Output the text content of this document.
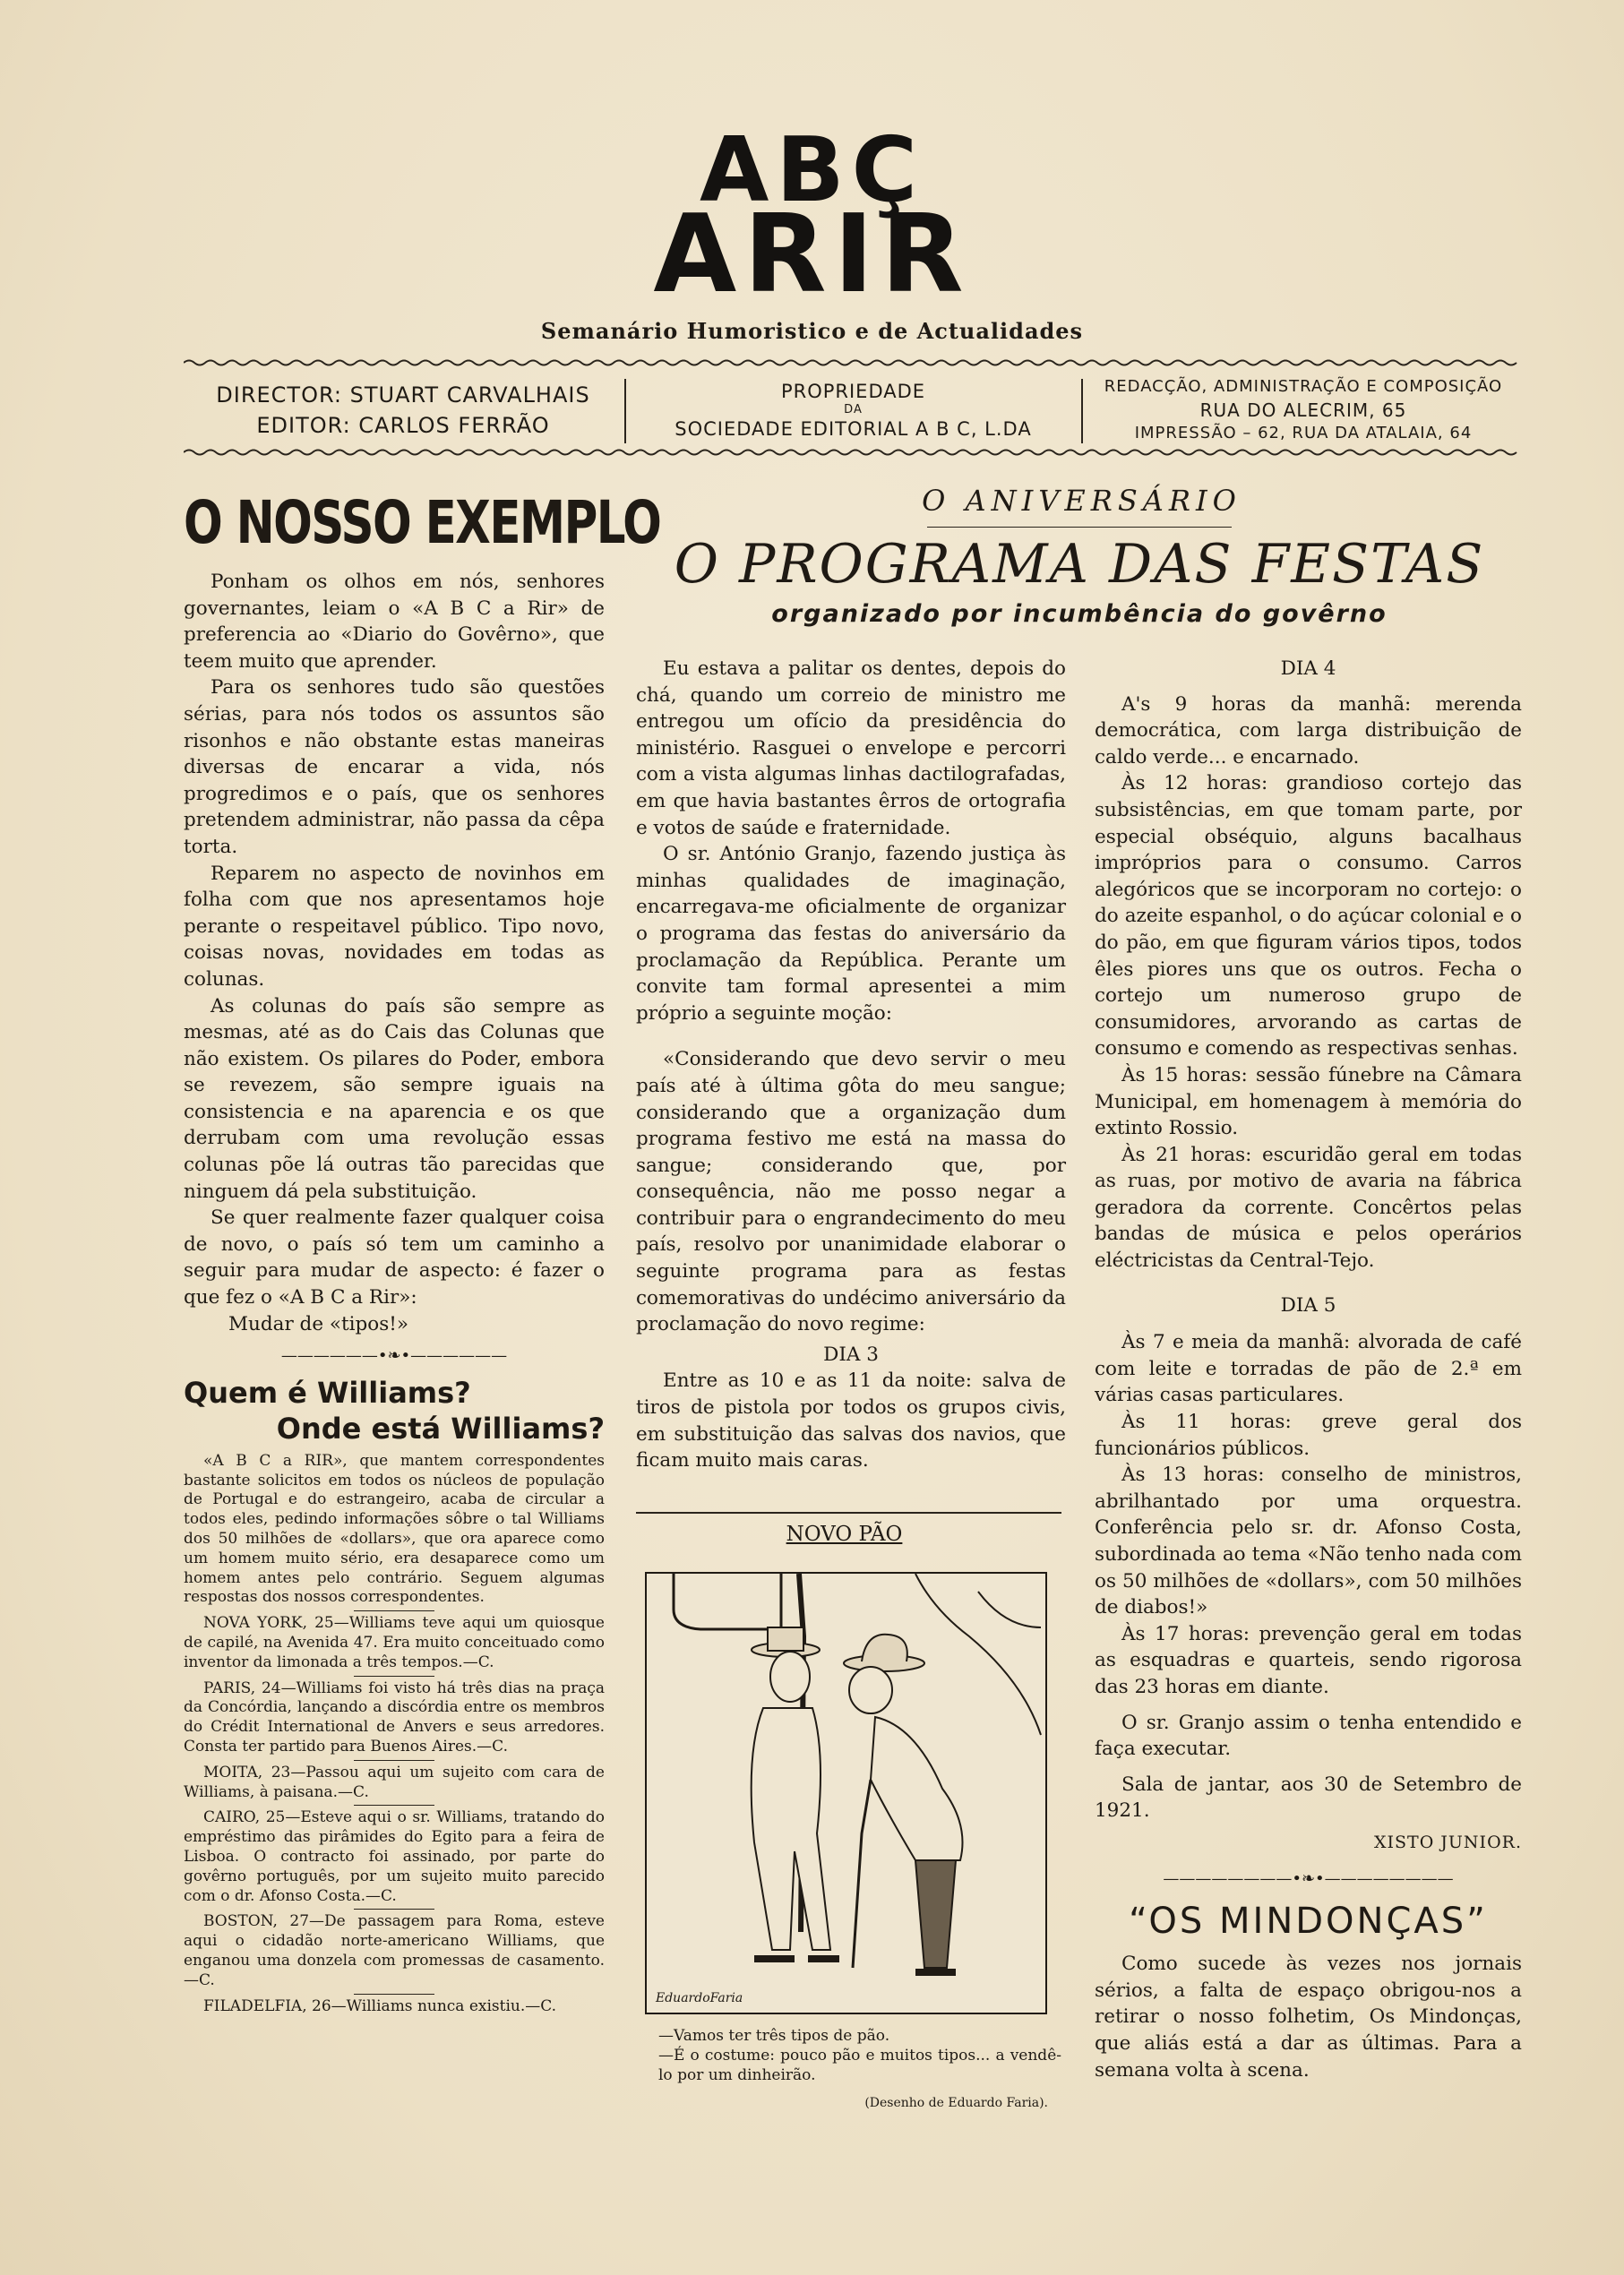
ABÇ
ARIR
Semanário Humoristico e de Actualidades
DIRECTOR: STUART CARVALHAIS
EDITOR: CARLOS FERRÃO
PROPRIEDADE
DA
SOCIEDADE EDITORIAL A B C, L.DA
REDACÇÃO, ADMINISTRAÇÃO E COMPOSIÇÃO
RUA DO ALECRIM, 65
IMPRESSÃO – 62, RUA DA ATALAIA, 64
O NOSSO EXEMPLO

Ponham os olhos em nós, senhores governantes, leiam o «A B C a Rir» de preferencia ao «Diario do Govêrno», que teem muito que aprender.

Para os senhores tudo são questões sérias, para nós todos os assuntos são risonhos e não obstante estas maneiras diversas de encarar a vida, nós progredimos e o país, que os senhores pretendem administrar, não passa da cêpa torta.

Reparem no aspecto de novinhos em folha com que nos apresentamos hoje perante o respeitavel público. Tipo novo, coisas novas, novidades em todas as colunas.

As colunas do país são sempre as mesmas, até as do Cais das Colunas que não existem. Os pilares do Poder, embora se revezem, são sempre iguais na consistencia e na aparencia e os que derrubam com uma revolução essas colunas põe lá outras tão parecidas que ninguem dá pela substituição.

Se quer realmente fazer qualquer coisa de novo, o país só tem um caminho a seguir para mudar de aspecto: é fazer o que fez o «A B C a Rir»:

Mudar de «tipos!»

——————•❧•——————
Quem é Williams?
Onde está Williams?

«A B C a RIR», que mantem correspondentes bastante solicitos em todos os núcleos de população de Portugal e do estrangeiro, acaba de circular a todos eles, pedindo informações sôbre o tal Williams dos 50 milhões de «dollars», que ora aparece como um homem muito sério, era desaparece como um homem antes pelo contrário. Seguem algumas respostas dos nossos correspondentes.

NOVA YORK, 25—Williams teve aqui um quiosque de capilé, na Avenida 47. Era muito conceituado como inventor da limonada a três tempos.—C.

PARIS, 24—Williams foi visto há três dias na praça da Concórdia, lançando a discórdia entre os membros do Crédit International de Anvers e seus arredores. Consta ter partido para Buenos Aires.—C.

MOITA, 23—Passou aqui um sujeito com cara de Williams, à paisana.—C.

CAIRO, 25—Esteve aqui o sr. Williams, tratando do empréstimo das pirâmides do Egito para a feira de Lisboa. O contracto foi assinado, por parte do govêrno português, por um sujeito muito parecido com o dr. Afonso Costa.—C.

BOSTON, 27—De passagem para Roma, esteve aqui o cidadão norte-americano Williams, que enganou uma donzela com promessas de casamento.—C.

FILADELFIA, 26—Williams nunca existiu.—C.

O ANIVERSÁRIO
O PROGRAMA DAS FESTAS
organizado por incumbência do govêrno

Eu estava a palitar os dentes, depois do chá, quando um correio de ministro me entregou um ofício da presidência do ministério. Rasguei o envelope e percorri com a vista algumas linhas dactilografadas, em que havia bastantes êrros de ortografia e votos de saúde e fraternidade.

O sr. António Granjo, fazendo justiça às minhas qualidades de imaginação, encarregava-me oficialmente de organizar o programa das festas do aniversário da proclamação da República. Perante um convite tam formal apresentei a mim próprio a seguinte moção:

«Considerando que devo servir o meu país até à última gôta do meu sangue; considerando que a organização dum programa festivo me está na massa do sangue; considerando que, por consequência, não me posso negar a contribuir para o engrandecimento do meu país, resolvo por unanimidade elaborar o seguinte programa para as festas comemorativas do undécimo aniversário da proclamação do novo regime:

DIA 3

Entre as 10 e as 11 da noite: salva de tiros de pistola por todos os grupos civis, em substituição das salvas dos navios, que ficam muito mais caras.

NOVO PÃO
EduardoFaria
—Vamos ter três tipos de pão.
—É o costume: pouco pão e muitos tipos... a vendê-lo por um dinheirão.
(Desenho de Eduardo Faria).

DIA 4

A's 9 horas da manhã: merenda democrática, com larga distribuição de caldo verde... e encarnado.

Às 12 horas: grandioso cortejo das subsistências, em que tomam parte, por especial obséquio, alguns bacalhaus impróprios para o consumo. Carros alegóricos que se incorporam no cortejo: o do azeite espanhol, o do açúcar colonial e o do pão, em que figuram vários tipos, todos êles piores uns que os outros. Fecha o cortejo um numeroso grupo de consumidores, arvorando as cartas de consumo e comendo as respectivas senhas.

Às 15 horas: sessão fúnebre na Câmara Municipal, em homenagem à memória do extinto Rossio.

Às 21 horas: escuridão geral em todas as ruas, por motivo de avaria na fábrica geradora da corrente. Concêrtos pelas bandas de música e pelos operários eléctricistas da Central-Tejo.

DIA 5

Às 7 e meia da manhã: alvorada de café com leite e torradas de pão de 2.ª em várias casas particulares.

Às 11 horas: greve geral dos funcionários públicos.

Às 13 horas: conselho de ministros, abrilhantado por uma orquestra. Conferência pelo sr. dr. Afonso Costa, subordinada ao tema «Não tenho nada com os 50 milhões de «dollars», com 50 milhões de diabos!»

Às 17 horas: prevenção geral em todas as esquadras e quarteis, sendo rigorosa das 23 horas em diante.

O sr. Granjo assim o tenha entendido e faça executar.

Sala de jantar, aos 30 de Setembro de 1921.

XISTO JUNIOR.

————————•❧•————————
“OS MINDONÇAS”

Como sucede às vezes nos jornais sérios, a falta de espaço obrigou-nos a retirar o nosso folhetim, Os Mindonças, que aliás está a dar as últimas. Para a semana volta à scena.
